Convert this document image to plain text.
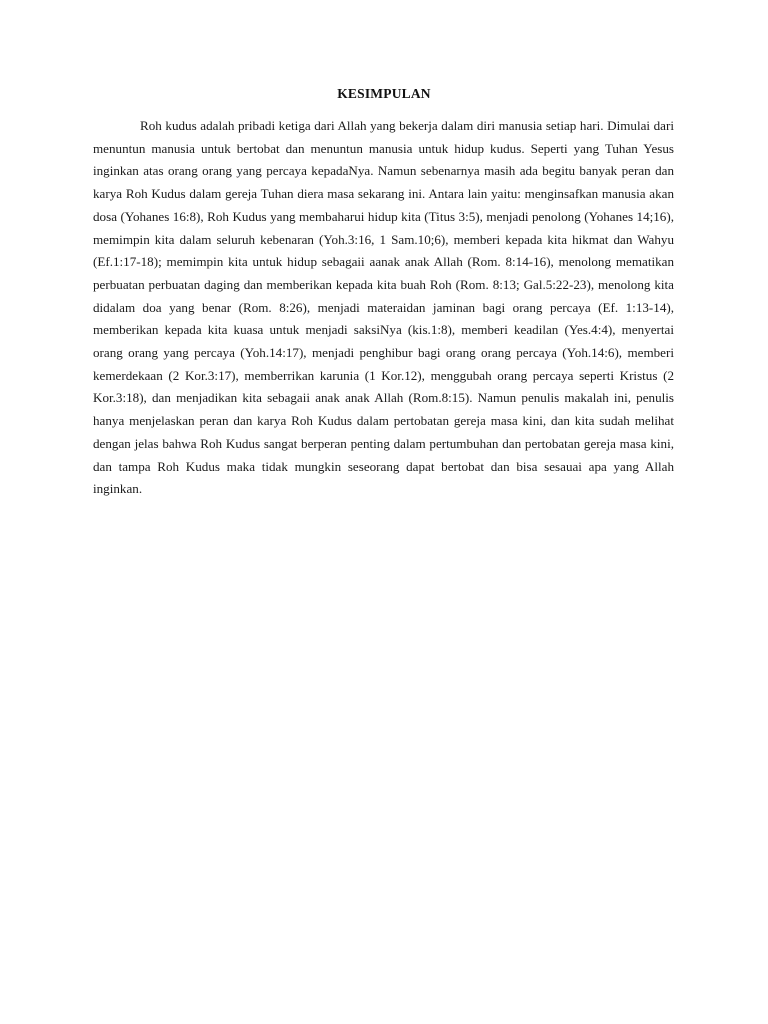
KESIMPULAN

Roh kudus adalah pribadi ketiga dari Allah yang bekerja dalam diri manusia setiap hari. Dimulai dari menuntun manusia untuk bertobat dan menuntun manusia untuk hidup kudus. Seperti yang Tuhan Yesus inginkan atas orang orang yang percaya kepadaNya. Namun sebenarnya masih ada begitu banyak peran dan karya Roh Kudus dalam gereja Tuhan diera masa sekarang ini. Antara lain yaitu: menginsafkan manusia akan dosa (Yohanes 16:8), Roh Kudus yang membaharui hidup kita (Titus 3:5), menjadi penolong (Yohanes 14;16), memimpin kita dalam seluruh kebenaran (Yoh.3:16, 1 Sam.10;6), memberi kepada kita hikmat dan Wahyu (Ef.1:17-18); memimpin kita untuk hidup sebagaii aanak anak Allah (Rom. 8:14-16), menolong mematikan perbuatan perbuatan daging dan memberikan kepada kita buah Roh (Rom. 8:13; Gal.5:22-23), menolong kita didalam doa yang benar (Rom. 8:26), menjadi materaidan jaminan bagi orang percaya (Ef. 1:13-14), memberikan kepada kita kuasa untuk menjadi saksiNya (kis.1:8), memberi keadilan (Yes.4:4), menyertai orang orang yang percaya (Yoh.14:17), menjadi penghibur bagi orang orang percaya (Yoh.14:6), memberi kemerdekaan (2 Kor.3:17), memberrikan karunia (1 Kor.12), menggubah orang percaya seperti Kristus (2 Kor.3:18), dan menjadikan kita sebagaii anak anak Allah (Rom.8:15). Namun penulis makalah ini, penulis hanya menjelaskan peran dan karya Roh Kudus dalam pertobatan gereja masa kini, dan kita sudah melihat dengan jelas bahwa Roh Kudus sangat berperan penting dalam pertumbuhan dan pertobatan gereja masa kini, dan tampa Roh Kudus maka tidak mungkin seseorang dapat bertobat dan bisa sesauai apa yang Allah inginkan.
